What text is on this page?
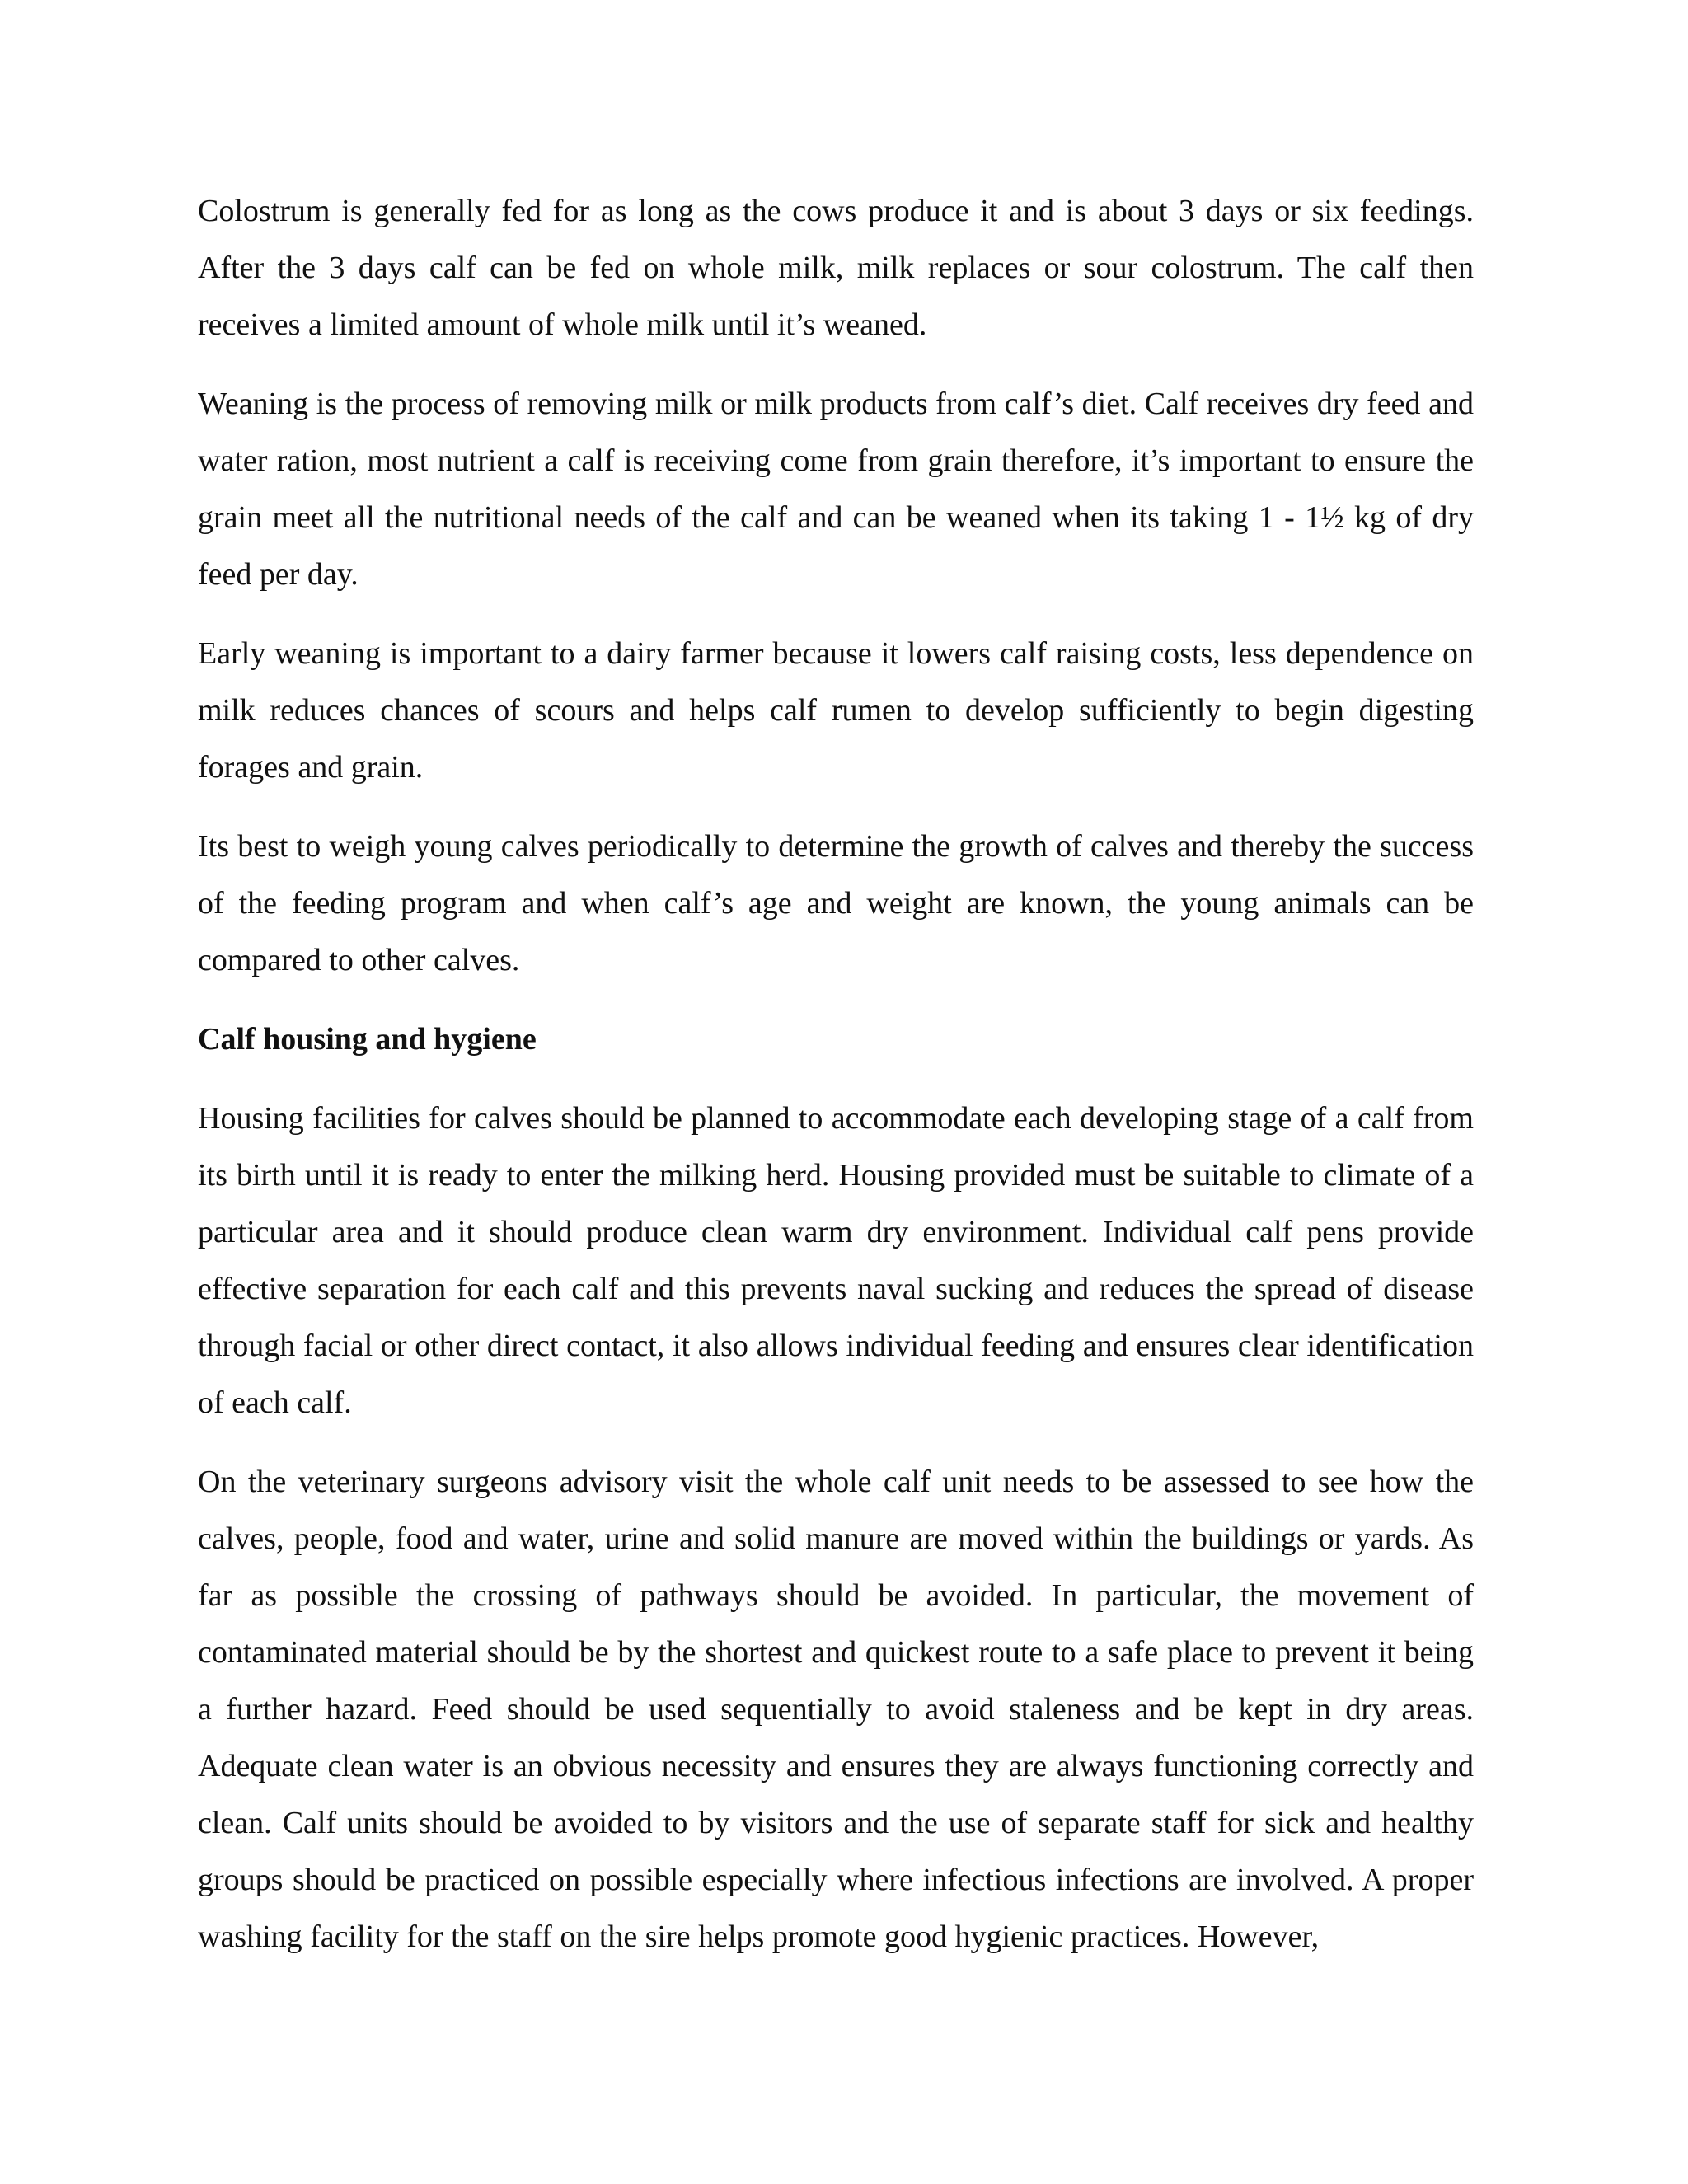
Colostrum is generally fed for as long as the cows produce it and is about 3 days or six feedings. After the 3 days calf can be fed on whole milk, milk replaces or sour colostrum. The calf then receives a limited amount of whole milk until it’s weaned.

Weaning is the process of removing milk or milk products from calf’s diet. Calf receives dry feed and water ration, most nutrient a calf is receiving come from grain therefore, it’s important to ensure the grain meet all the nutritional needs of the calf and can be weaned when its taking 1 - 1½ kg of dry feed per day.

Early weaning is important to a dairy farmer because it lowers calf raising costs, less dependence on milk reduces chances of scours and helps calf rumen to develop sufficiently to begin digesting forages and grain.

Its best to weigh young calves periodically to determine the growth of calves and thereby the success of the feeding program and when calf’s age and weight are known, the young animals can be compared to other calves.

Calf housing and hygiene

Housing facilities for calves should be planned to accommodate each developing stage of a calf from its birth until it is ready to enter the milking herd. Housing provided must be suitable to climate of a particular area and it should produce clean warm dry environment. Individual calf pens provide effective separation for each calf and this prevents naval sucking and reduces the spread of disease through facial or other direct contact, it also allows individual feeding and ensures clear identification of each calf.

On the veterinary surgeons advisory visit the whole calf unit needs to be assessed to see how the calves, people, food and water, urine and solid manure are moved within the buildings or yards. As far as possible the crossing of pathways should be avoided. In particular, the movement of contaminated material should be by the shortest and quickest route to a safe place to prevent it being a further hazard. Feed should be used sequentially to avoid staleness and be kept in dry areas. Adequate clean water is an obvious necessity and ensures they are always functioning correctly and clean. Calf units should be avoided to by visitors and the use of separate staff for sick and healthy groups should be practiced on possible especially where infectious infections are involved. A proper washing facility for the staff on the sire helps promote good hygienic practices. However,
